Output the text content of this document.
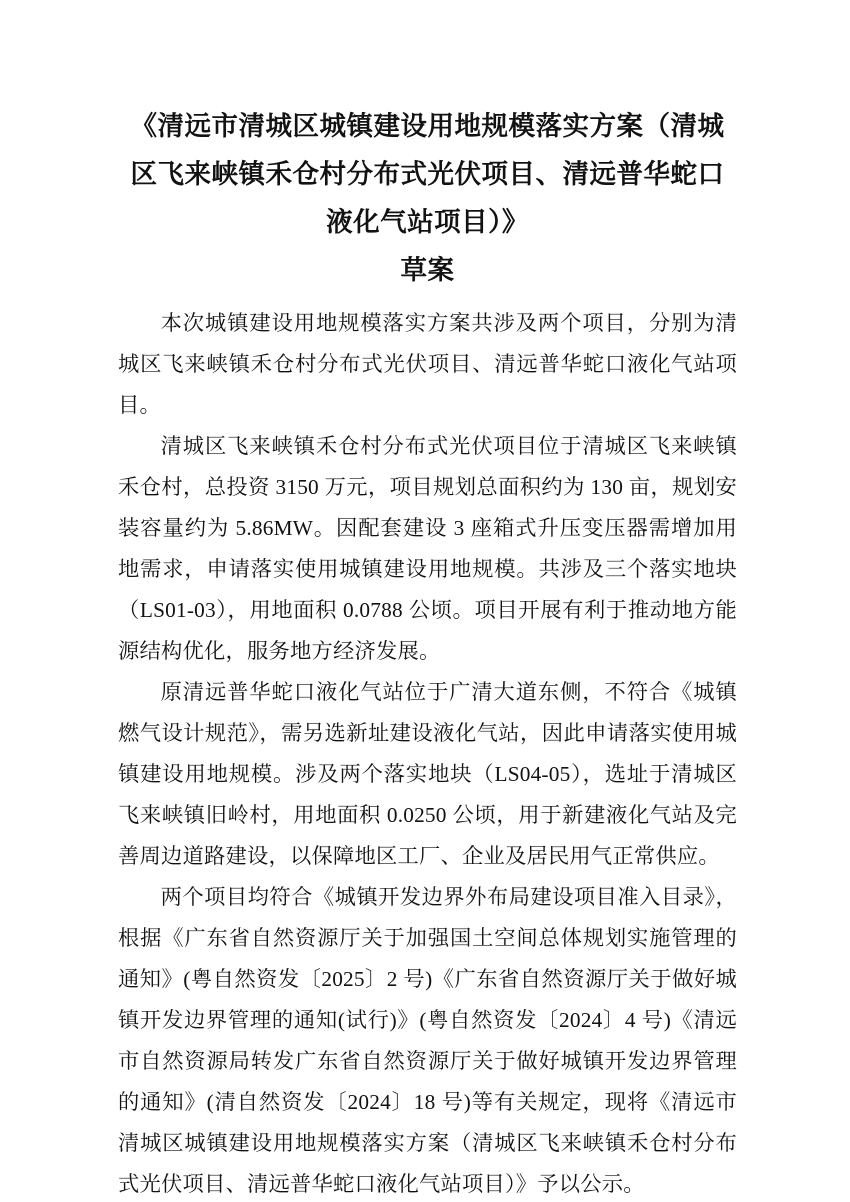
《清远市清城区城镇建设用地规模落实方案（清城区飞来峡镇禾仓村分布式光伏项目、清远普华蛇口液化气站项目）》
草案

本次城镇建设用地规模落实方案共涉及两个项目，分别为清城区飞来峡镇禾仓村分布式光伏项目、清远普华蛇口液化气站项目。

清城区飞来峡镇禾仓村分布式光伏项目位于清城区飞来峡镇禾仓村，总投资 3150 万元，项目规划总面积约为 130 亩，规划安装容量约为 5.86MW。因配套建设 3 座箱式升压变压器需增加用地需求，申请落实使用城镇建设用地规模。共涉及三个落实地块（LS01-03），用地面积 0.0788 公顷。项目开展有利于推动地方能源结构优化，服务地方经济发展。

原清远普华蛇口液化气站位于广清大道东侧，不符合《城镇燃气设计规范》，需另选新址建设液化气站，因此申请落实使用城镇建设用地规模。涉及两个落实地块（LS04-05），选址于清城区飞来峡镇旧岭村，用地面积 0.0250 公顷，用于新建液化气站及完善周边道路建设，以保障地区工厂、企业及居民用气正常供应。

两个项目均符合《城镇开发边界外布局建设项目准入目录》，根据《广东省自然资源厅关于加强国土空间总体规划实施管理的通知》(粤自然资发〔2025〕2 号)《广东省自然资源厅关于做好城镇开发边界管理的通知(试行)》(粤自然资发〔2024〕4 号)《清远市自然资源局转发广东省自然资源厅关于做好城镇开发边界管理的通知》(清自然资发〔2024〕18 号)等有关规定，现将《清远市清城区城镇建设用地规模落实方案（清城区飞来峡镇禾仓村分布式光伏项目、清远普华蛇口液化气站项目）》予以公示。
